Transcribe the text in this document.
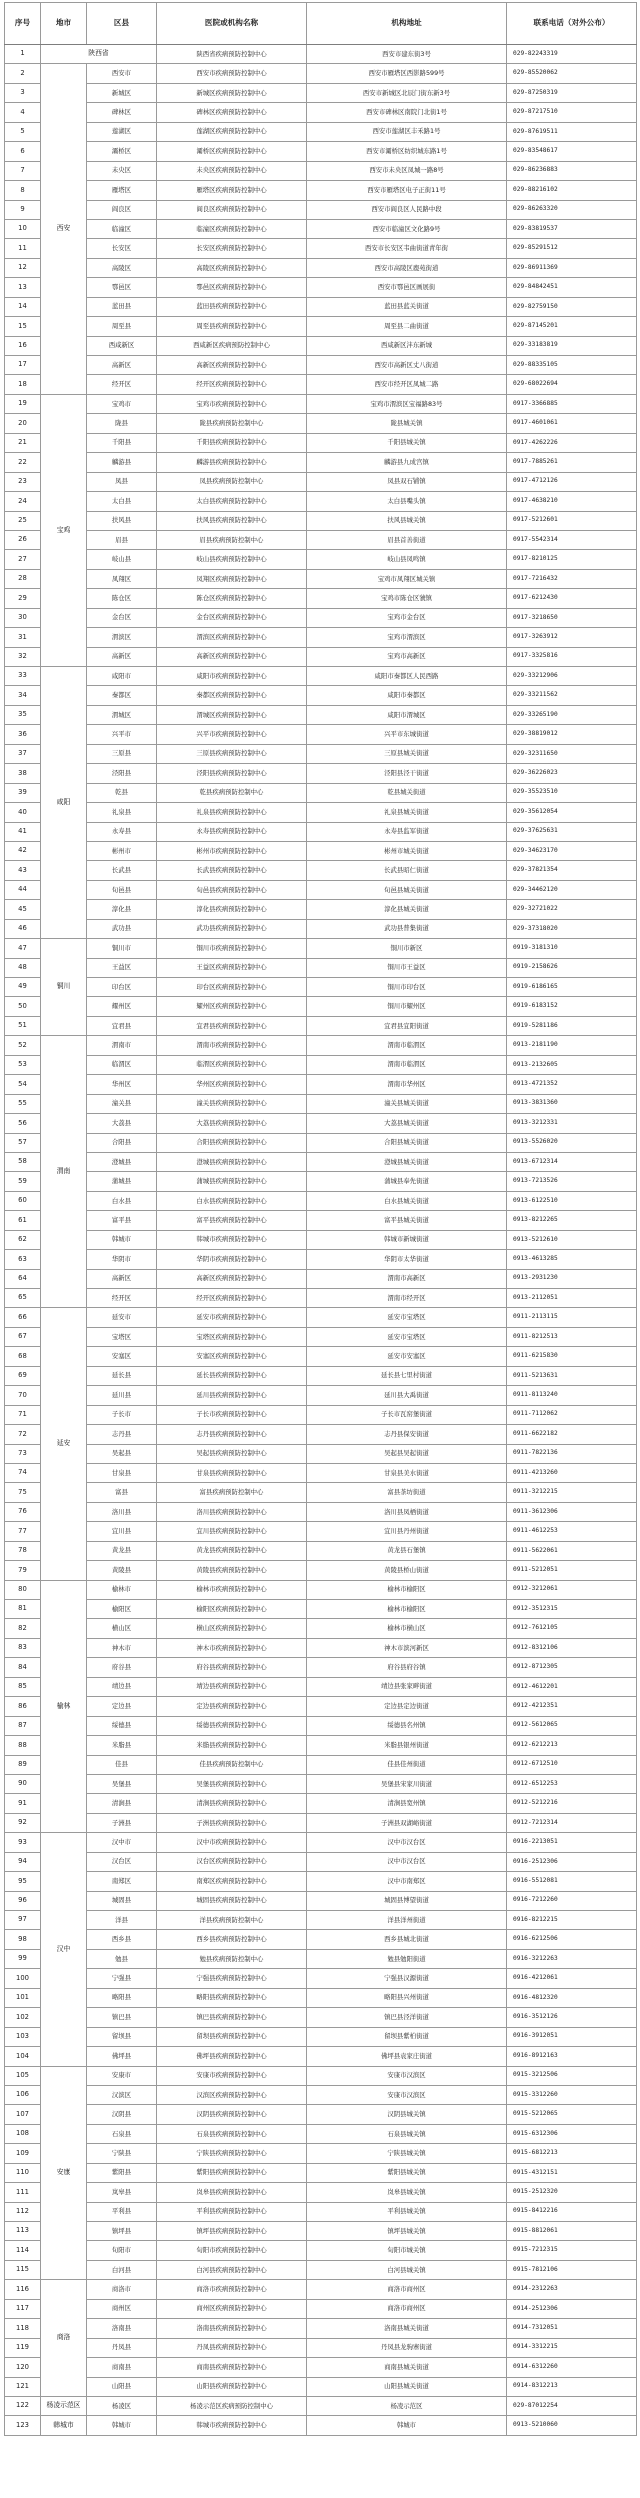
序号	地市	区县	医院或机构名称	机构地址	联系电话（对外公布）
1	陕西省		陕西省疾病预防控制中心	西安市建东街3号	029-82243319
2	西安	西安市	西安市疾病预防控制中心	西安市雁塔区西影路599号	029-85520062
3		新城区	新城区疾病预防控制中心	西安市新城区北辰门街东新3号	029-87250319
4		碑林区	碑林区疾病预防控制中心	西安市碑林区南院门北街1号	029-87217510
5		莲湖区	莲湖区疾病预防控制中心	西安市莲湖区丰禾路1号	029-87619511
6		灞桥区	灞桥区疾病预防控制中心	西安市灞桥区纺织城东路1号	029-83548617
7		未央区	未央区疾病预防控制中心	西安市未央区凤城一路8号	029-86236883
8		雁塔区	雁塔区疾病预防控制中心	西安市雁塔区电子正街11号	029-88216102
9		阎良区	阎良区疾病预防控制中心	西安市阎良区人民路中段	029-86263320
10		临潼区	临潼区疾病预防控制中心	西安市临潼区文化路9号	029-83819537
11		长安区	长安区疾病预防控制中心	西安市长安区韦曲街道青年街	029-85291512
12		高陵区	高陵区疾病预防控制中心	西安市高陵区鹿苑街道	029-86911369
13		鄠邑区	鄠邑区疾病预防控制中心	西安市鄠邑区画展街	029-84842451
14		蓝田县	蓝田县疾病预防控制中心	蓝田县蓝关街道	029-82759150
15		周至县	周至县疾病预防控制中心	周至县二曲街道	029-87145201
16		西咸新区	西咸新区疾病预防控制中心	西咸新区沣东新城	029-33183819
17		高新区	高新区疾病预防控制中心	西安市高新区丈八街道	029-88335105
18		经开区	经开区疾病预防控制中心	西安市经开区凤城二路	029-68022694
19	宝鸡	宝鸡市	宝鸡市疾病预防控制中心	宝鸡市渭滨区宝福路83号	0917-3366885
20		陇县	陇县疾病预防控制中心	陇县城关镇	0917-4601061
21		千阳县	千阳县疾病预防控制中心	千阳县城关镇	0917-4262226
22		麟游县	麟游县疾病预防控制中心	麟游县九成宫镇	0917-7885261
23		凤县	凤县疾病预防控制中心	凤县双石铺镇	0917-4712126
24		太白县	太白县疾病预防控制中心	太白县嘴头镇	0917-4638210
25		扶风县	扶风县疾病预防控制中心	扶风县城关镇	0917-5212601
26		眉县	眉县疾病预防控制中心	眉县首善街道	0917-5542314
27		岐山县	岐山县疾病预防控制中心	岐山县凤鸣镇	0917-8210125
28		凤翔区	凤翔区疾病预防控制中心	宝鸡市凤翔区城关镇	0917-7216432
29		陈仓区	陈仓区疾病预防控制中心	宝鸡市陈仓区虢镇	0917-6212430
30		金台区	金台区疾病预防控制中心	宝鸡市金台区	0917-3218650
31		渭滨区	渭滨区疾病预防控制中心	宝鸡市渭滨区	0917-3263912
32		高新区	高新区疾病预防控制中心	宝鸡市高新区	0917-3325816
33	咸阳	咸阳市	咸阳市疾病预防控制中心	咸阳市秦都区人民西路	029-33212906
34		秦都区	秦都区疾病预防控制中心	咸阳市秦都区	029-33211562
35		渭城区	渭城区疾病预防控制中心	咸阳市渭城区	029-33265190
36		兴平市	兴平市疾病预防控制中心	兴平市东城街道	029-38819012
37		三原县	三原县疾病预防控制中心	三原县城关街道	029-32311650
38		泾阳县	泾阳县疾病预防控制中心	泾阳县泾干街道	029-36226023
39		乾县	乾县疾病预防控制中心	乾县城关街道	029-35523510
40		礼泉县	礼泉县疾病预防控制中心	礼泉县城关街道	029-35612054
41		永寿县	永寿县疾病预防控制中心	永寿县监军街道	029-37625631
42		彬州市	彬州市疾病预防控制中心	彬州市城关街道	029-34623170
43		长武县	长武县疾病预防控制中心	长武县昭仁街道	029-37821354
44		旬邑县	旬邑县疾病预防控制中心	旬邑县城关街道	029-34462120
45		淳化县	淳化县疾病预防控制中心	淳化县城关街道	029-32721022
46		武功县	武功县疾病预防控制中心	武功县普集街道	029-37318020
47	铜川	铜川市	铜川市疾病预防控制中心	铜川市新区	0919-3181310
48		王益区	王益区疾病预防控制中心	铜川市王益区	0919-2158626
49		印台区	印台区疾病预防控制中心	铜川市印台区	0919-6186165
50		耀州区	耀州区疾病预防控制中心	铜川市耀州区	0919-6183152
51		宜君县	宜君县疾病预防控制中心	宜君县宜阳街道	0919-5281186
52	渭南	渭南市	渭南市疾病预防控制中心	渭南市临渭区	0913-2181190
53		临渭区	临渭区疾病预防控制中心	渭南市临渭区	0913-2132605
54		华州区	华州区疾病预防控制中心	渭南市华州区	0913-4721352
55		潼关县	潼关县疾病预防控制中心	潼关县城关街道	0913-3831360
56		大荔县	大荔县疾病预防控制中心	大荔县城关街道	0913-3212331
57		合阳县	合阳县疾病预防控制中心	合阳县城关街道	0913-5526020
58		澄城县	澄城县疾病预防控制中心	澄城县城关街道	0913-6712314
59		蒲城县	蒲城县疾病预防控制中心	蒲城县奉先街道	0913-7213526
60		白水县	白水县疾病预防控制中心	白水县城关街道	0913-6122510
61		富平县	富平县疾病预防控制中心	富平县城关街道	0913-8212265
62		韩城市	韩城市疾病预防控制中心	韩城市新城街道	0913-5212610
63		华阴市	华阴市疾病预防控制中心	华阴市太华街道	0913-4613285
64		高新区	高新区疾病预防控制中心	渭南市高新区	0913-2931230
65		经开区	经开区疾病预防控制中心	渭南市经开区	0913-2112051
66	延安	延安市	延安市疾病预防控制中心	延安市宝塔区	0911-2113115
67		宝塔区	宝塔区疾病预防控制中心	延安市宝塔区	0911-8212513
68		安塞区	安塞区疾病预防控制中心	延安市安塞区	0911-6215830
69		延长县	延长县疾病预防控制中心	延长县七里村街道	0911-5213631
70		延川县	延川县疾病预防控制中心	延川县大禹街道	0911-8113240
71		子长市	子长市疾病预防控制中心	子长市瓦窑堡街道	0911-7112062
72		志丹县	志丹县疾病预防控制中心	志丹县保安街道	0911-6622182
73		吴起县	吴起县疾病预防控制中心	吴起县吴起街道	0911-7822136
74		甘泉县	甘泉县疾病预防控制中心	甘泉县美水街道	0911-4213260
75		富县	富县疾病预防控制中心	富县茶坊街道	0911-3212215
76		洛川县	洛川县疾病预防控制中心	洛川县凤栖街道	0911-3612306
77		宜川县	宜川县疾病预防控制中心	宜川县丹州街道	0911-4612253
78		黄龙县	黄龙县疾病预防控制中心	黄龙县石堡镇	0911-5622061
79		黄陵县	黄陵县疾病预防控制中心	黄陵县桥山街道	0911-5212051
80	榆林	榆林市	榆林市疾病预防控制中心	榆林市榆阳区	0912-3212061
81		榆阳区	榆阳区疾病预防控制中心	榆林市榆阳区	0912-3512315
82		横山区	横山区疾病预防控制中心	榆林市横山区	0912-7612105
83		神木市	神木市疾病预防控制中心	神木市滨河新区	0912-8312106
84		府谷县	府谷县疾病预防控制中心	府谷县府谷镇	0912-8712305
85		靖边县	靖边县疾病预防控制中心	靖边县张家畔街道	0912-4612201
86		定边县	定边县疾病预防控制中心	定边县定边街道	0912-4212351
87		绥德县	绥德县疾病预防控制中心	绥德县名州镇	0912-5612065
88		米脂县	米脂县疾病预防控制中心	米脂县银州街道	0912-6212213
89		佳县	佳县疾病预防控制中心	佳县佳州街道	0912-6712510
90		吴堡县	吴堡县疾病预防控制中心	吴堡县宋家川街道	0912-6512253
91		清涧县	清涧县疾病预防控制中心	清涧县宽州镇	0912-5212216
92		子洲县	子洲县疾病预防控制中心	子洲县双湖峪街道	0912-7212314
93	汉中	汉中市	汉中市疾病预防控制中心	汉中市汉台区	0916-2213051
94		汉台区	汉台区疾病预防控制中心	汉中市汉台区	0916-2512306
95		南郑区	南郑区疾病预防控制中心	汉中市南郑区	0916-5512081
96		城固县	城固县疾病预防控制中心	城固县博望街道	0916-7212260
97		洋县	洋县疾病预防控制中心	洋县洋州街道	0916-8212215
98		西乡县	西乡县疾病预防控制中心	西乡县城北街道	0916-6212506
99		勉县	勉县疾病预防控制中心	勉县勉阳街道	0916-3212263
100		宁强县	宁强县疾病预防控制中心	宁强县汉源街道	0916-4212061
101		略阳县	略阳县疾病预防控制中心	略阳县兴州街道	0916-4812320
102		镇巴县	镇巴县疾病预防控制中心	镇巴县泾洋街道	0916-3512126
103		留坝县	留坝县疾病预防控制中心	留坝县紫柏街道	0916-3912051
104		佛坪县	佛坪县疾病预防控制中心	佛坪县袁家庄街道	0916-8912163
105	安康	安康市	安康市疾病预防控制中心	安康市汉滨区	0915-3212506
106		汉滨区	汉滨区疾病预防控制中心	安康市汉滨区	0915-3312260
107		汉阴县	汉阴县疾病预防控制中心	汉阴县城关镇	0915-5212065
108		石泉县	石泉县疾病预防控制中心	石泉县城关镇	0915-6312306
109		宁陕县	宁陕县疾病预防控制中心	宁陕县城关镇	0915-6812213
110		紫阳县	紫阳县疾病预防控制中心	紫阳县城关镇	0915-4312151
111		岚皋县	岚皋县疾病预防控制中心	岚皋县城关镇	0915-2512320
112		平利县	平利县疾病预防控制中心	平利县城关镇	0915-8412216
113		镇坪县	镇坪县疾病预防控制中心	镇坪县城关镇	0915-8812061
114		旬阳市	旬阳市疾病预防控制中心	旬阳市城关镇	0915-7212315
115		白河县	白河县疾病预防控制中心	白河县城关镇	0915-7812106
116	商洛	商洛市	商洛市疾病预防控制中心	商洛市商州区	0914-2312263
117		商州区	商州区疾病预防控制中心	商洛市商州区	0914-2512306
118		洛南县	洛南县疾病预防控制中心	洛南县城关街道	0914-7312051
119		丹凤县	丹凤县疾病预防控制中心	丹凤县龙驹寨街道	0914-3312215
120		商南县	商南县疾病预防控制中心	商南县城关街道	0914-6312260
121		山阳县	山阳县疾病预防控制中心	山阳县城关街道	0914-8312213
122	杨凌示范区	杨凌区	杨凌示范区疾病预防控制中心	杨凌示范区	029-87012254
123	韩城市	韩城市	韩城市疾病预防控制中心	韩城市	0913-5210060
